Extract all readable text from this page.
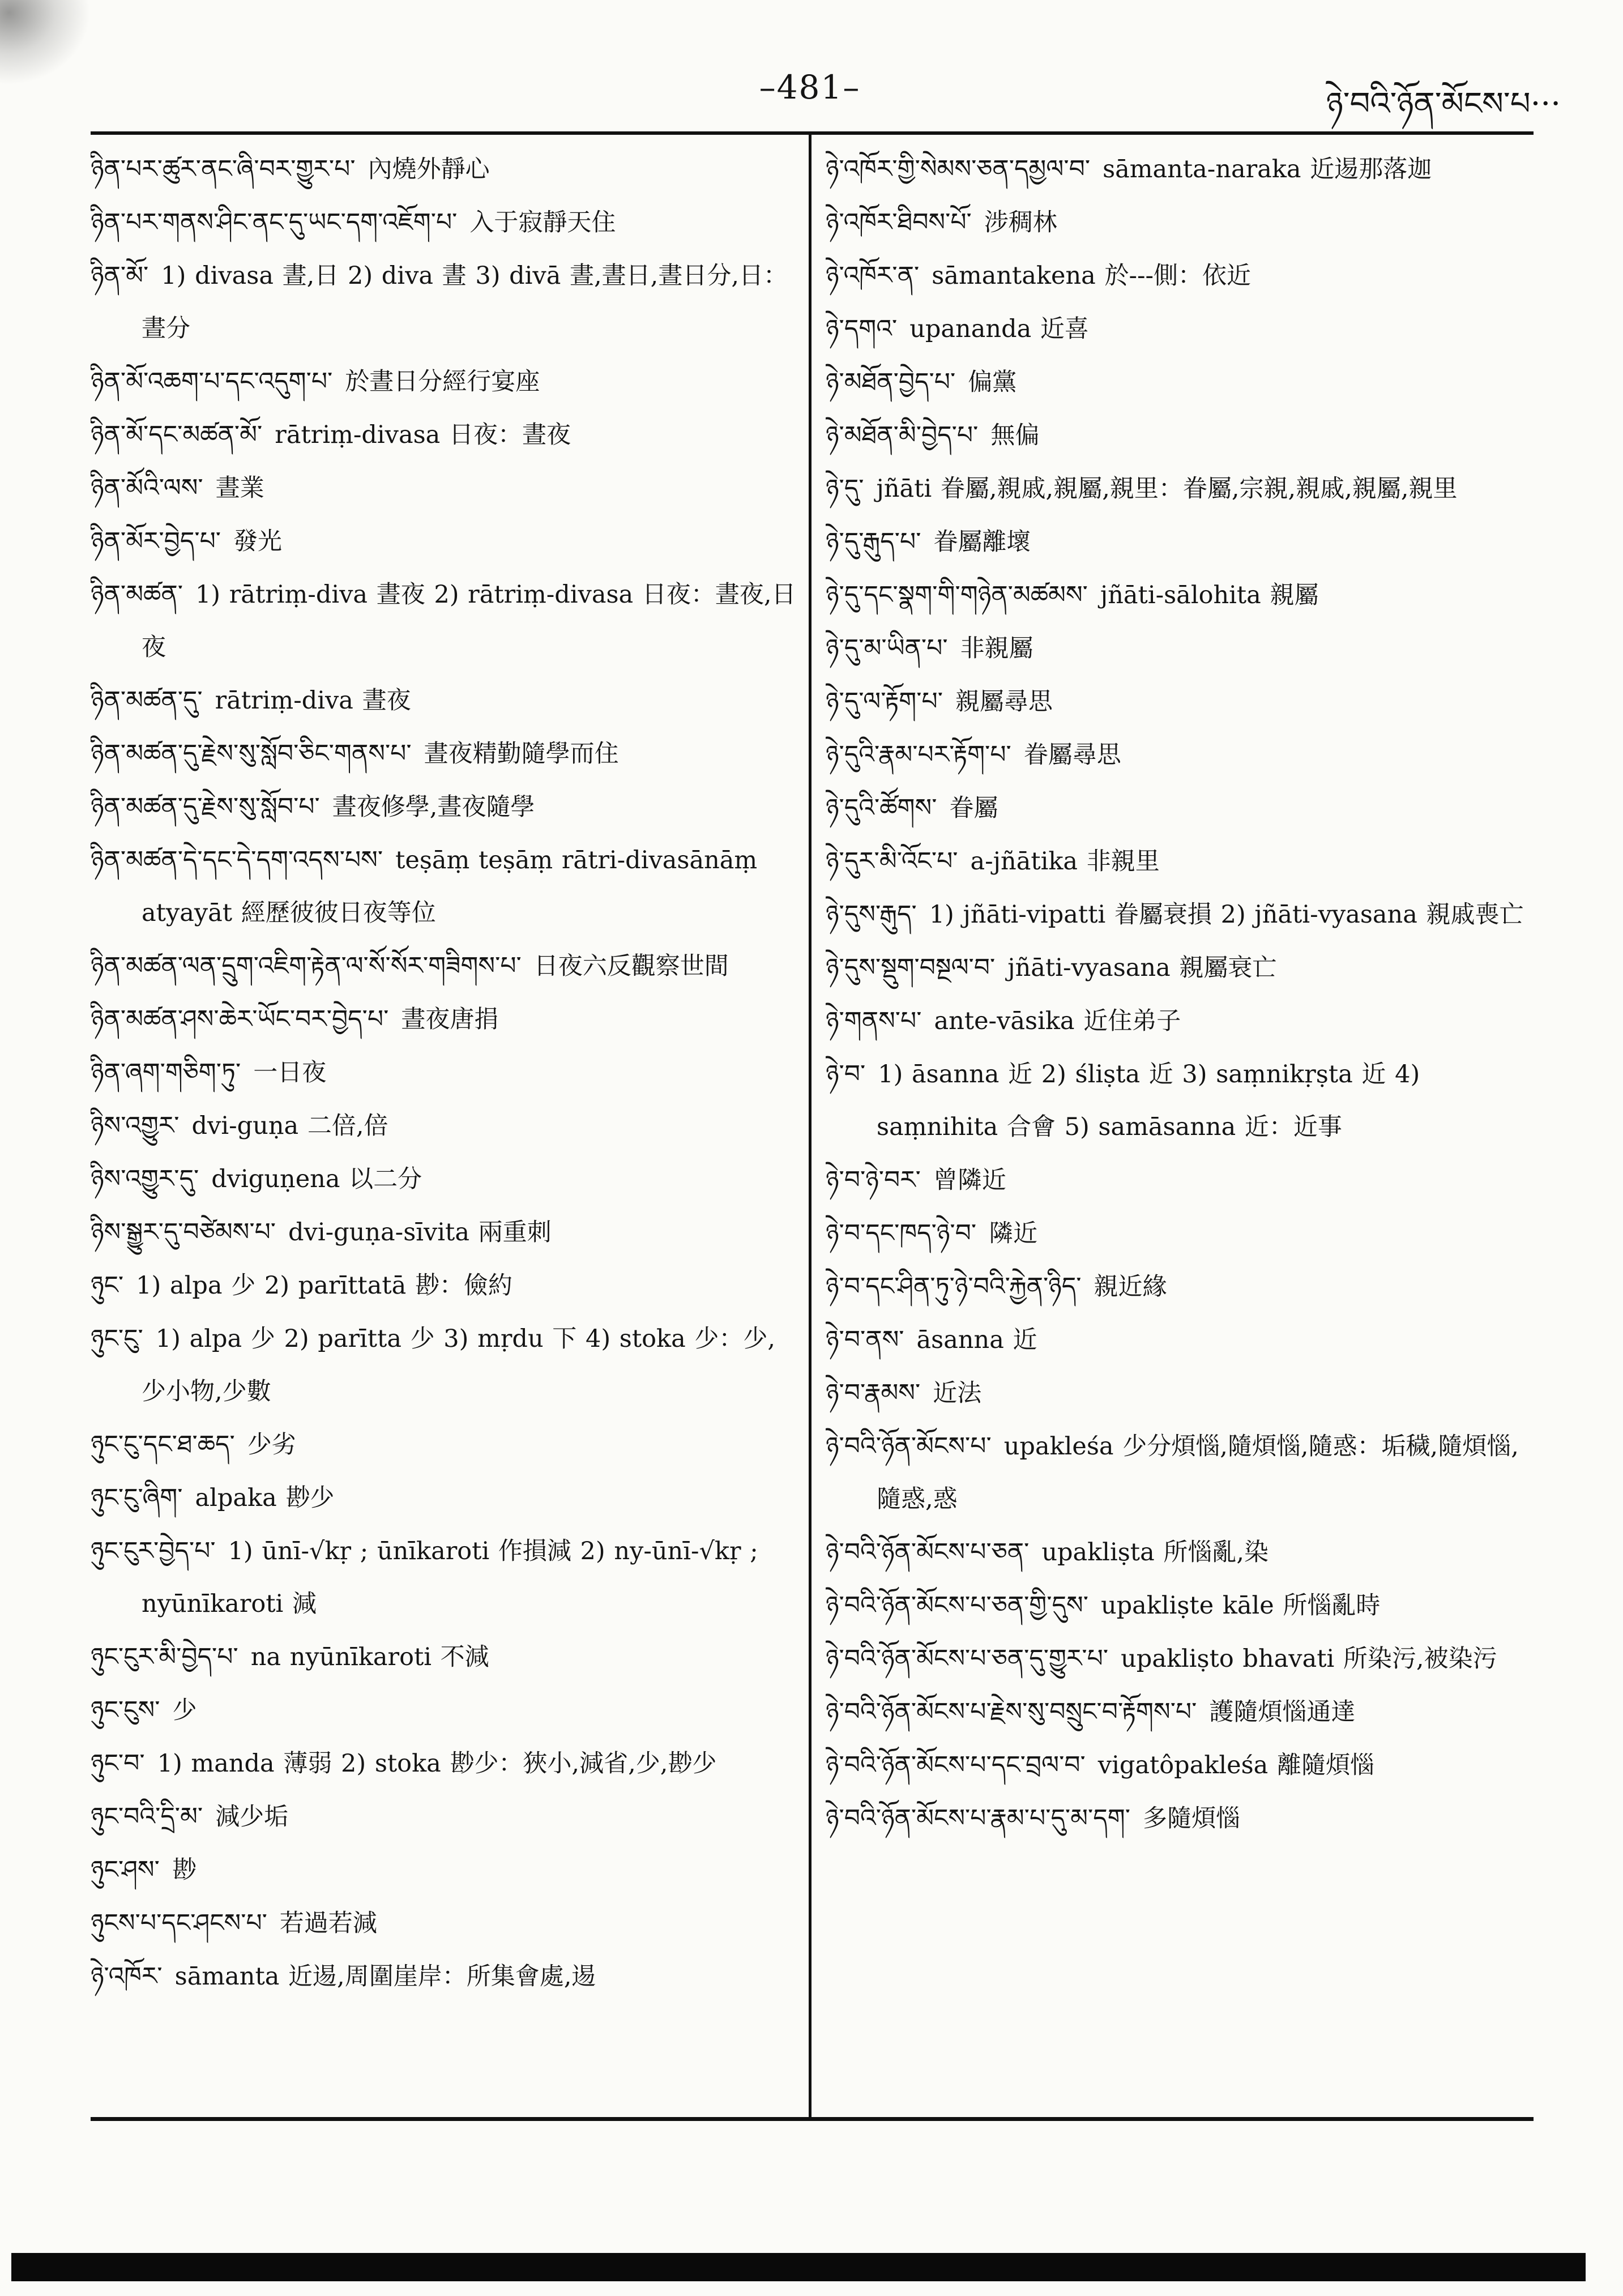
–481–	ཉེ་བའི་ཉོན་མོངས་པ···
ཉིན་པར་ཚུར་ནང་ཞི་བར་གྱུར་པ་ 內燒外靜心
ཉིན་པར་གནས་ཤིང་ནང་དུ་ཡང་དག་འཇོག་པ་ 入于寂靜天住
ཉིན་མོ་ 1) divasa 晝,日 2) diva 晝 3) divā 晝,晝日,晝日分,日：晝分
ཉིན་མོ་འཆག་པ་དང་འདུག་པ་ 於晝日分經行宴座
ཉིན་མོ་དང་མཚན་མོ་ rātriṃ-divasa 日夜：晝夜
ཉིན་མོའི་ལས་ 晝業
ཉིན་མོར་བྱེད་པ་ 發光
ཉིན་མཚན་ 1) rātriṃ-diva 晝夜 2) rātriṃ-divasa 日夜：晝夜,日夜
ཉིན་མཚན་དུ་ rātriṃ-diva 晝夜
ཉིན་མཚན་དུ་རྗེས་སུ་སློབ་ཅིང་གནས་པ་ 晝夜精勤隨學而住
ཉིན་མཚན་དུ་རྗེས་སུ་སློབ་པ་ 晝夜修學,晝夜隨學
ཉིན་མཚན་དེ་དང་དེ་དག་འདས་པས་ teṣāṃ teṣāṃ rātri-divasānāṃ atyayāt 經歷彼彼日夜等位
ཉིན་མཚན་ལན་དྲུག་འཇིག་རྟེན་ལ་སོ་སོར་གཟིགས་པ་ 日夜六反觀察世間
ཉིན་མཚན་ཤས་ཆེར་ཡོང་བར་བྱེད་པ་ 晝夜唐捐
ཉིན་ཞག་གཅིག་ཏུ་ 一日夜
ཉིས་འགྱུར་ dvi-guṇa 二倍,倍
ཉིས་འགྱུར་དུ་ dviguṇena 以二分
ཉིས་སྒྱུར་དུ་བཙེམས་པ་ dvi-guṇa-sīvita 兩重刺
ཉུང་ 1) alpa 少 2) parīttatā 尠：儉約
ཉུང་ངུ་ 1) alpa 少 2) parītta 少 3) mṛdu 下 4) stoka 少：少,少小物,少數
ཉུང་ངུ་དང་ཐ་ཆད་ 少劣
ཉུང་ངུ་ཞིག་ alpaka 尠少
ཉུང་ངུར་བྱེད་པ་ 1) ūnī-√kṛ ; ūnīkaroti 作損減 2) ny-ūnī-√kṛ ; nyūnīkaroti 減
ཉུང་ངུར་མི་བྱེད་པ་ na nyūnīkaroti 不減
ཉུང་ངུས་ 少
ཉུང་བ་ 1) manda 薄弱 2) stoka 尠少：狹小,減省,少,尠少
ཉུང་བའི་དྲི་མ་ 減少垢
ཉུང་ཤས་ 尠
ཉུངས་པ་དང་ཤངས་པ་ 若過若減
ཉེ་འཁོར་ sāmanta 近逷,周圍崖岸：所集會處,逷
ཉེ་འཁོར་གྱི་སེམས་ཅན་དམྱལ་བ་ sāmanta-naraka 近逷那落迦
ཉེ་འཁོར་ཐིབས་པོ་ 涉稠林
ཉེ་འཁོར་ན་ sāmantakena 於---側：依近
ཉེ་དགའ་ upananda 近喜
ཉེ་མཐོན་བྱེད་པ་ 偏黨
ཉེ་མཐོན་མི་བྱེད་པ་ 無偏
ཉེ་དུ་ jñāti 眷屬,親戚,親屬,親里：眷屬,宗親,親戚,親屬,親里
ཉེ་དུ་རྒུད་པ་ 眷屬離壞
ཉེ་དུ་དང་སྣག་གི་གཉེན་མཚམས་ jñāti-sālohita 親屬
ཉེ་དུ་མ་ཡིན་པ་ 非親屬
ཉེ་དུ་ལ་རྟོག་པ་ 親屬尋思
ཉེ་དུའི་རྣམ་པར་རྟོག་པ་ 眷屬尋思
ཉེ་དུའི་ཚོགས་ 眷屬
ཉེ་དུར་མི་འོང་པ་ a-jñātika 非親里
ཉེ་དུས་རྒུད་ 1) jñāti-vipatti 眷屬衰損 2) jñāti-vyasana 親戚喪亡
ཉེ་དུས་སྡུག་བསྔལ་བ་ jñāti-vyasana 親屬衰亡
ཉེ་གནས་པ་ ante-vāsika 近住弟子
ཉེ་བ་ 1) āsanna 近 2) śliṣta 近 3) saṃnikṛṣta 近 4) saṃnihita 合會 5) samāsanna 近：近事
ཉེ་བ་ཉེ་བར་ 曾隣近
ཉེ་བ་དང་ཁད་ཉེ་བ་ 隣近
ཉེ་བ་དང་ཤིན་ཏུ་ཉེ་བའི་རྐྱེན་ཉིད་ 親近緣
ཉེ་བ་ནས་ āsanna 近
ཉེ་བ་རྣམས་ 近法
ཉེ་བའི་ཉོན་མོངས་པ་ upakleśa 少分煩惱,隨煩惱,隨惑：垢穢,隨煩惱,隨惑,惑
ཉེ་བའི་ཉོན་མོངས་པ་ཅན་ upakliṣta 所惱亂,染
ཉེ་བའི་ཉོན་མོངས་པ་ཅན་གྱི་དུས་ upakliṣte kāle 所惱亂時
ཉེ་བའི་ཉོན་མོངས་པ་ཅན་དུ་གྱུར་པ་ upakliṣto bhavati 所染污,被染污
ཉེ་བའི་ཉོན་མོངས་པ་རྗེས་སུ་བསྲུང་བ་རྟོགས་པ་ 護隨煩惱通達
ཉེ་བའི་ཉོན་མོངས་པ་དང་བྲལ་བ་ vigatôpakleśa 離隨煩惱
ཉེ་བའི་ཉོན་མོངས་པ་རྣམ་པ་དུ་མ་དག་ 多隨煩惱
